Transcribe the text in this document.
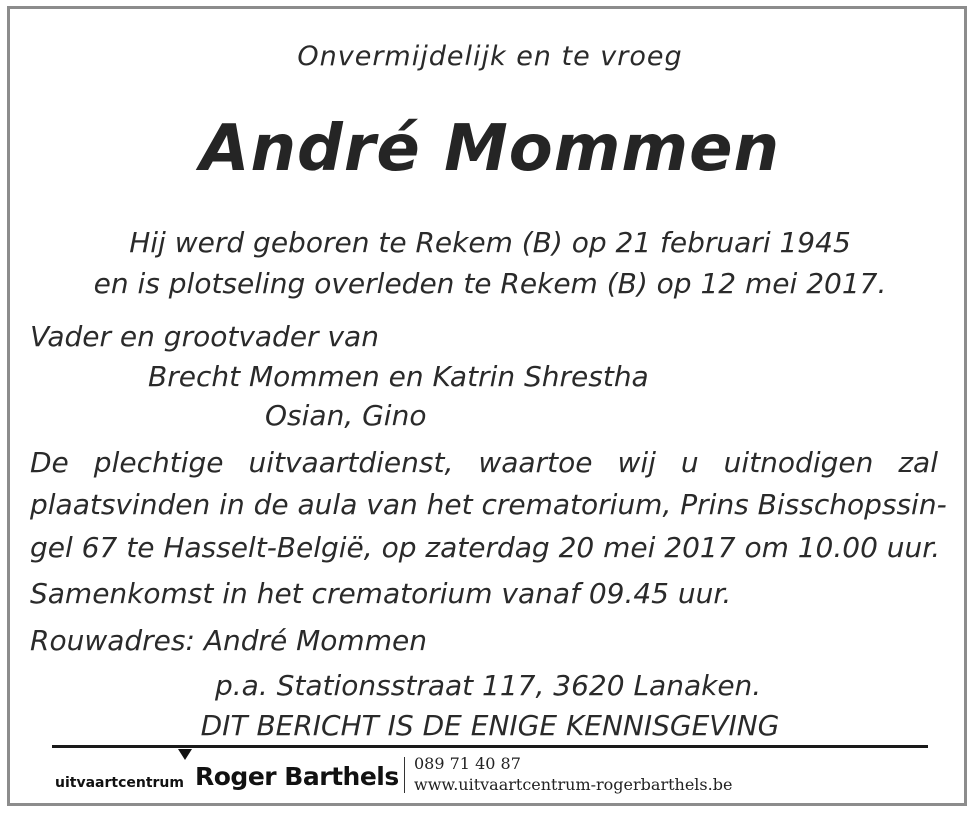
Onvermijdelijk en te vroeg
André Mommen
Hij werd geboren te Rekem (B) op 21 februari 1945
en is plotseling overleden te Rekem (B) op 12 mei 2017.
Vader en grootvader van
Brecht Mommen en Katrin Shrestha
Osian, Gino
De plechtige uitvaartdienst, waartoe wij u uitnodigen zal
plaatsvinden in de aula van het crematorium, Prins Bisschopssin-
gel 67 te Hasselt-België, op zaterdag 20 mei 2017 om 10.00 uur.
Samenkomst in het crematorium vanaf 09.45 uur.
Rouwadres: André Mommen
p.a. Stationsstraat 117, 3620 Lanaken.
DIT BERICHT IS DE ENIGE KENNISGEVING
uitvaartcentrum Roger Barthels 089 71 40 87
www.uitvaartcentrum-rogerbarthels.be
